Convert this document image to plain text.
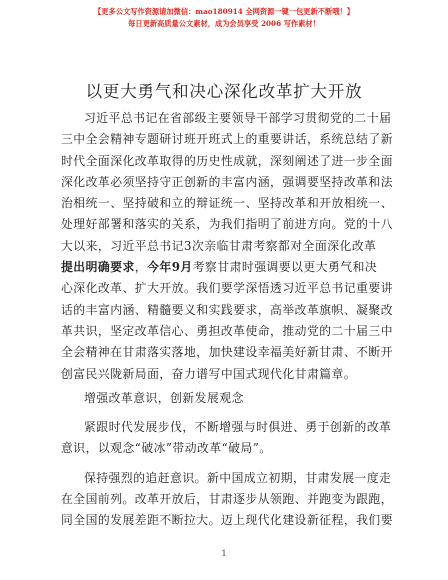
【更多公文写作资源请加微信：mao180914 全网资源一键一包更新不断哦！】
每日更新高质量公文素材，成为会员享受 2006 写作素材！
以更大勇气和决心深化改革扩大开放
习近平总书记在省部级主要领导干部学习贯彻党的二十届
三中全会精神专题研讨班开班式上的重要讲话，系统总结了新
时代全面深化改革取得的历史性成就，深刻阐述了进一步全面
深化改革必须坚持守正创新的丰富内涵，强调要坚持改革和法
治相统一、坚持破和立的辩证统一、坚持改革和开放相统一、
处理好部署和落实的关系，为我们指明了前进方向。党的十八
大以来，习近平总书记3次亲临甘肃考察都对全面深化改革
提出明确要求，今年9月考察甘肃时强调要以更大勇气和决
心深化改革、扩大开放。我们要学深悟透习近平总书记重要讲
话的丰富内涵、精髓要义和实践要求，高举改革旗帜、凝聚改
革共识，坚定改革信心、勇担改革使命，推动党的二十届三中
全会精神在甘肃落实落地，加快建设幸福美好新甘肃、不断开
创富民兴陇新局面，奋力谱写中国式现代化甘肃篇章。
增强改革意识，创新发展观念
紧跟时代发展步伐，不断增强与时俱进、勇于创新的改革
意识，以观念“破冰”带动改革“破局”。
保持强烈的追赶意识。新中国成立初期，甘肃发展一度走
在全国前列。改革开放后，甘肃逐步从领跑、并跑变为跟跑，
同全国的发展差距不断拉大。迈上现代化建设新征程，我们要
1
